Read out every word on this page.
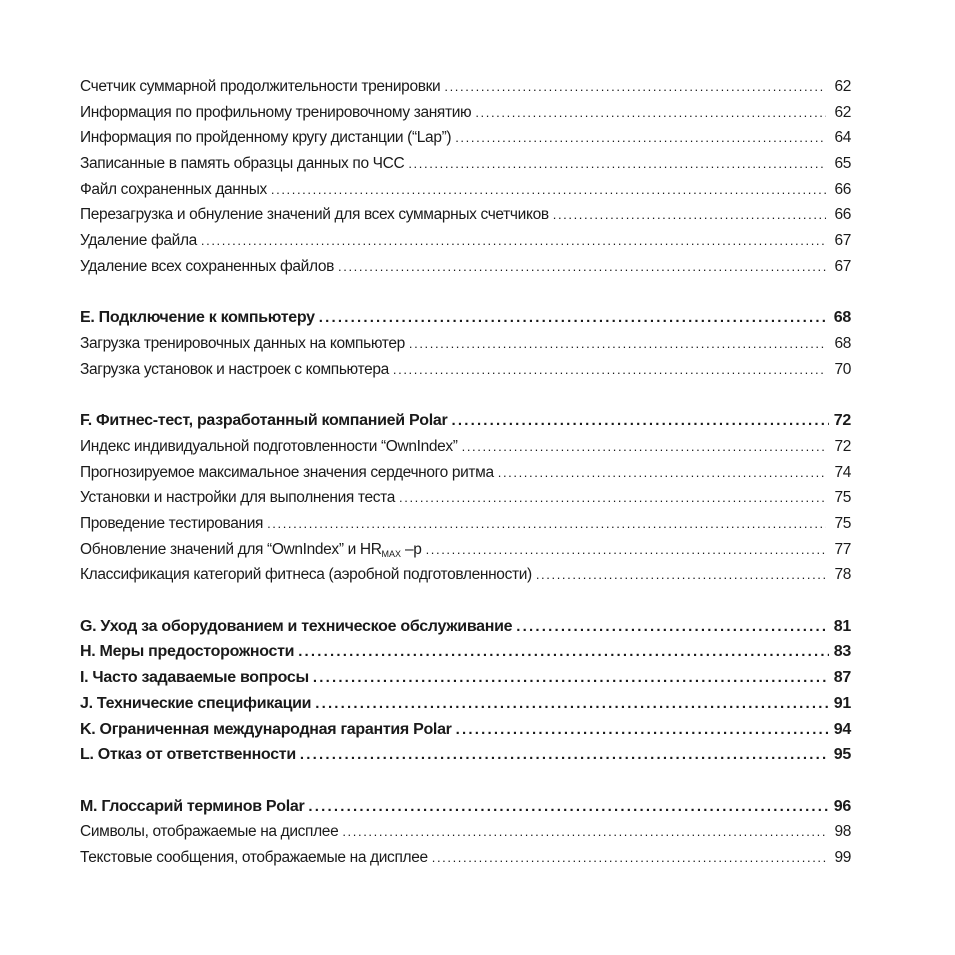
Счетчик суммарной продолжительности тренировки .....	62
Информация по профильному тренировочному занятию .....	62
Информация по пройденному кругу дистанции (“Lap”) .....	64
Записанные в память образцы данных по ЧСС .....	65
Файл сохраненных данных .....	66
Перезагрузка и обнуление значений для всех суммарных счетчиков .....	66
Удаление файла .....	67
Удаление всех сохраненных файлов .....	67
E. Подключение к компьютеру .....	68
Загрузка тренировочных данных на компьютер .....	68
Загрузка установок и настроек с компьютера .....	70
F. Фитнес-тест, разработанный компанией Polar .....	72
Индекс индивидуальной подготовленности “OwnIndex” .....	72
Прогнозируемое максимальное значения сердечного ритма .....	74
Установки и настройки для выполнения теста .....	75
Проведение тестирования .....	75
Обновление значений для “OwnIndex” и $HR_{MAX}$ –p .....	77
Классификация категорий фитнеса (аэробной подготовленности) .....	78
G. Уход за оборудованием и техническое обслуживание .....	81
H. Меры предосторожности .....	83
I. Часто задаваемые вопросы .....	87
J. Технические спецификации .....	91
K. Ограниченная международная гарантия Polar .....	94
L. Отказ от ответственности .....	95
M. Глоссарий терминов Polar .....	96
Символы, отображаемые на дисплее .....	98
Текстовые сообщения, отображаемые на дисплее .....	99
